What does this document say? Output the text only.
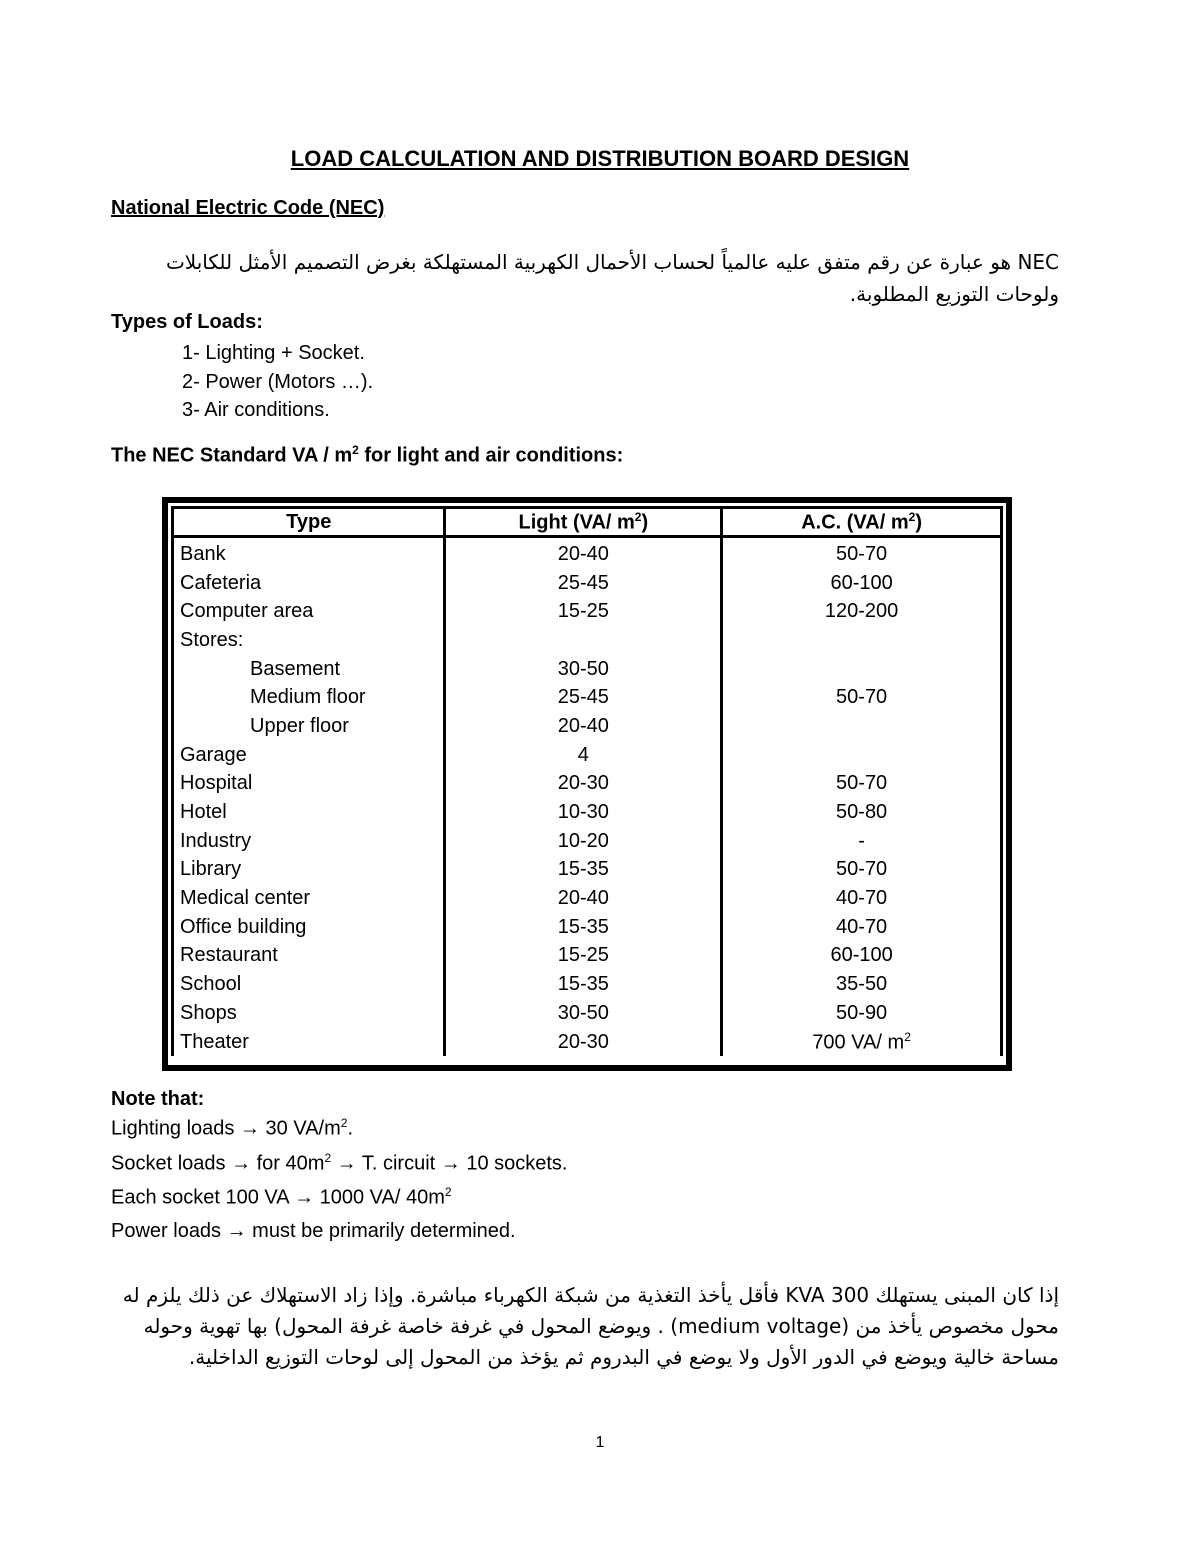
LOAD CALCULATION AND DISTRIBUTION BOARD DESIGN
National Electric Code (NEC)
NEC هو عبارة عن رقم متفق عليه عالمياً لحساب الأحمال الكهربية المستهلكة بغرض التصميم الأمثل للكابلات ولوحات التوزيع المطلوبة.
Types of Loads:
1- Lighting + Socket.
2- Power (Motors …).
3- Air conditions.
The NEC Standard VA / $m^2$ for light and air conditions:
Type	Light (VA/ $m^2$)	A.C. (VA/ $m^2$)
Bank	20-40	50-70
Cafeteria	25-45	60-100
Computer area	15-25	120-200
Stores:		
Basement	30-50	
Medium floor	25-45	50-70
Upper floor	20-40	
Garage	4	
Hospital	20-30	50-70
Hotel	10-30	50-80
Industry	10-20	-
Library	15-35	50-70
Medical center	20-40	40-70
Office building	15-35	40-70
Restaurant	15-25	60-100
School	15-35	35-50
Shops	30-50	50-90
Theater	20-30	700 VA/ $m^2$
Note that:
Lighting loads → 30 $VA/m^2$.
Socket loads → for $40m^2 \to T$. circuit → 10 sockets.
Each socket 100 VA → 1000 VA/ $40m^2$
Power loads → must be primarily determined.
إذا كان المبنى يستهلك 300 KVA فأقل يأخذ التغذية من شبكة الكهرباء مباشرة. وإذا زاد الاستهلاك عن ذلك يلزم له محول مخصوص يأخذ من (medium voltage) . ويوضع المحول في غرفة خاصة غرفة المحول) بها تهوية وحوله مساحة خالية ويوضع في الدور الأول ولا يوضع في البدروم ثم يؤخذ من المحول إلى لوحات التوزيع الداخلية.
1
